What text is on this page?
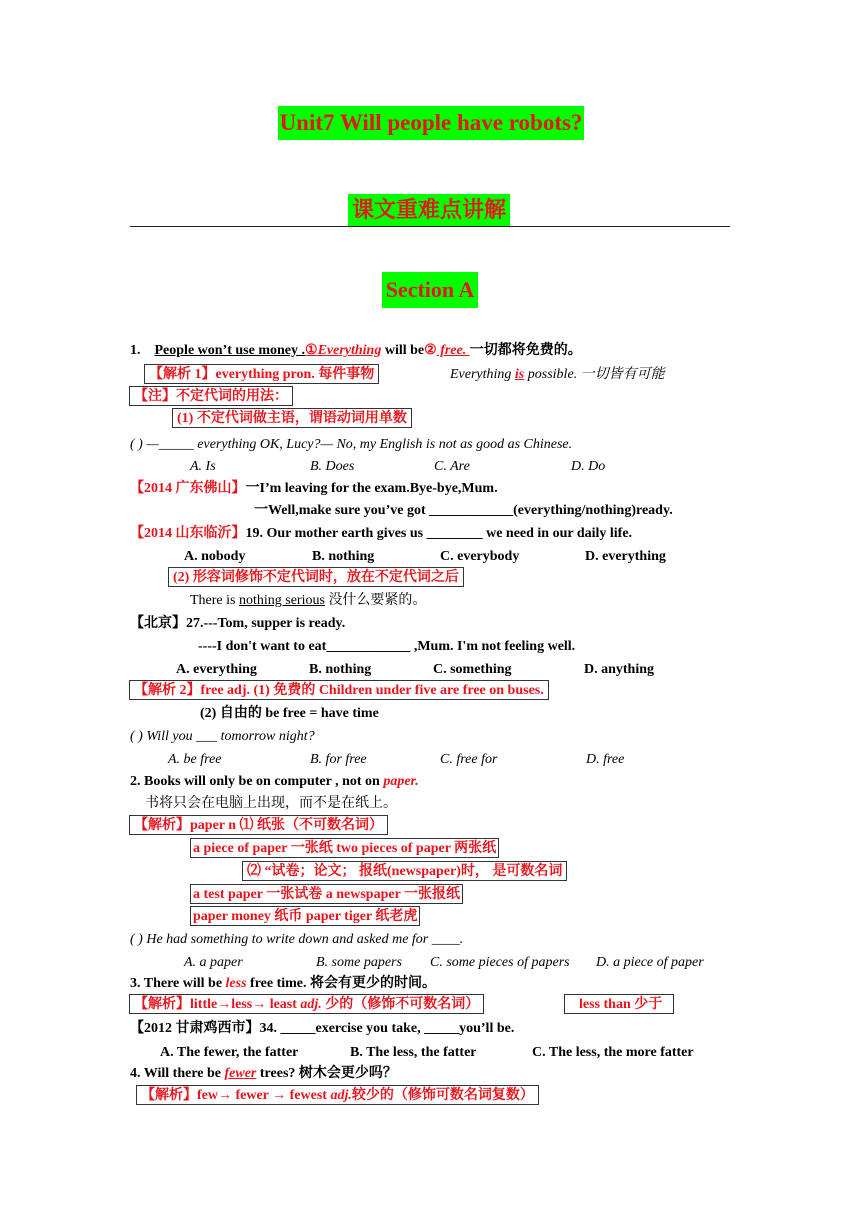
Unit7 Will people have robots?
课文重难点讲解
Section A
1. People won’t use money .①Everything will be② free. 一切都将免费的。
【解析 1】everything pron. 每件事物	Everything is possible. 一切皆有可能
【注】不定代词的用法：
(1) 不定代词做主语，谓语动词用单数
( ) —_____ everything OK, Lucy?— No, my English is not as good as Chinese.
A. Is	B. Does	C. Are	D. Do
【2014 广东佛山】一I’m leaving for the exam.Bye-bye,Mum.
一Well,make sure you’ve got ____________(everything/nothing)ready.
【2014 山东临沂】19. Our mother earth gives us ________ we need in our daily life.
A. nobody	B. nothing	C. everybody	D. everything
(2) 形容词修饰不定代词时，放在不定代词之后
There is nothing serious 没什么要紧的。
【北京】27.---Tom, supper is ready.
----I don't want to eat____________ ,Mum. I'm not feeling well.
A. everything	B. nothing	C. something	D. anything
【解析 2】free adj. (1) 免费的 Children under five are free on buses.
(2) 自由的 be free = have time
( ) Will you ___ tomorrow night?
A. be free	B. for free	C. free for	D. free
2. Books will only be on computer , not on paper.
书将只会在电脑上出现，而不是在纸上。
【解析】paper n ⑴ 纸张（不可数名词）
a piece of paper 一张纸 two pieces of paper 两张纸
⑵ “试卷；论文； 报纸(newspaper)时， 是可数名词
a test paper 一张试卷 a newspaper 一张报纸
paper money 纸币 paper tiger 纸老虎
( ) He had something to write down and asked me for ____.
A. a paper	B. some papers C. some pieces of papers D. a piece of paper
3. There will be less free time. 将会有更少的时间。
【解析】little→less→ least adj. 少的（修饰不可数名词）	less than 少于
【2012 甘肃鸡西市】34. _____exercise you take, _____you’ll be.
A. The fewer, the fatter	B. The less, the fatter	C. The less, the more fatter
4. Will there be fewer trees? 树木会更少吗？
【解析】few→ fewer → fewest adj.较少的（修饰可数名词复数）
